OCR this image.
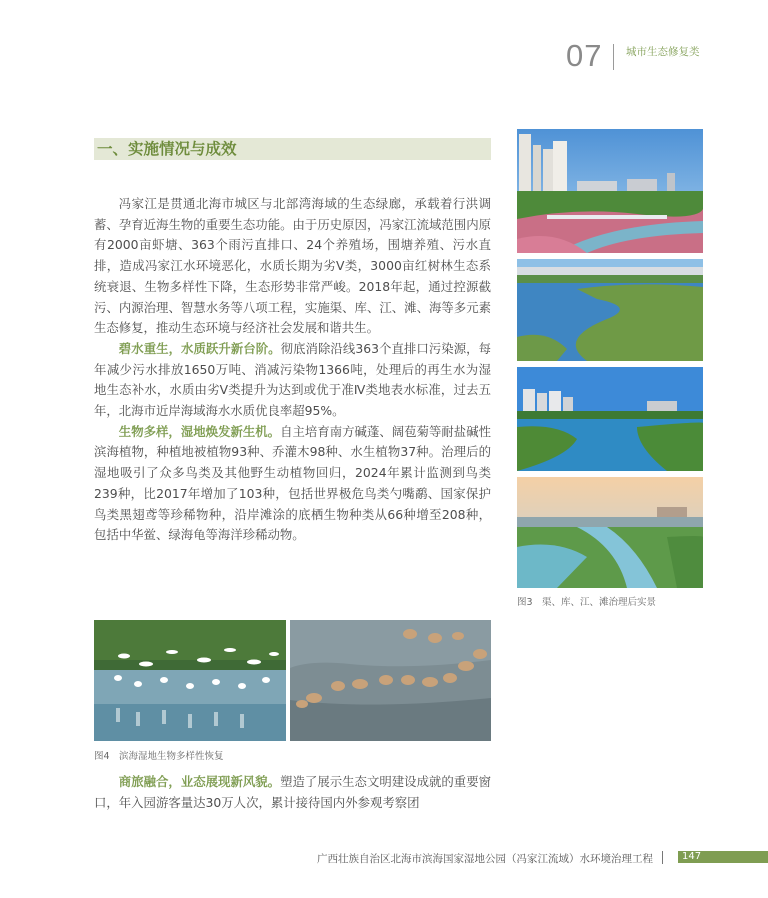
07 城市生态修复类
一、实施情况与成效

冯家江是贯通北海市城区与北部湾海域的生态绿廊，承载着行洪调蓄、孕育近海生物的重要生态功能。由于历史原因，冯家江流域范围内原有2000亩虾塘、363个雨污直排口、24个养殖场，围塘养殖、污水直排，造成冯家江水环境恶化，水质长期为劣Ⅴ类，3000亩红树林生态系统衰退、生物多样性下降，生态形势非常严峻。2018年起，通过控源截污、内源治理、智慧水务等八项工程，实施渠、库、江、滩、海等多元素生态修复，推动生态环境与经济社会发展和谐共生。

碧水重生，水质跃升新台阶。彻底消除沿线363个直排口污染源，每年减少污水排放1650万吨、消减污染物1366吨，处理后的再生水为湿地生态补水，水质由劣Ⅴ类提升为达到或优于准Ⅳ类地表水标准，过去五年，北海市近岸海域海水水质优良率超95%。

生物多样，湿地焕发新生机。自主培育南方碱蓬、阔苞菊等耐盐碱性滨海植物，种植地被植物93种、乔灌木98种、水生植物37种。治理后的湿地吸引了众多鸟类及其他野生动植物回归，2024年累计监测到鸟类239种，比2017年增加了103种，包括世界极危鸟类勺嘴鹬、国家保护鸟类黑翅鸢等珍稀物种，沿岸滩涂的底栖生物种类从66种增至208种，包括中华鲎、绿海龟等海洋珍稀动物。

图3　渠、库、江、滩治理后实景
图4　滨海湿地生物多样性恢复

商旅融合，业态展现新风貌。塑造了展示生态文明建设成就的重要窗口，年入园游客量达30万人次，累计接待国内外参观考察团

广西壮族自治区北海市滨海国家湿地公园（冯家江流域）水环境治理工程	147
